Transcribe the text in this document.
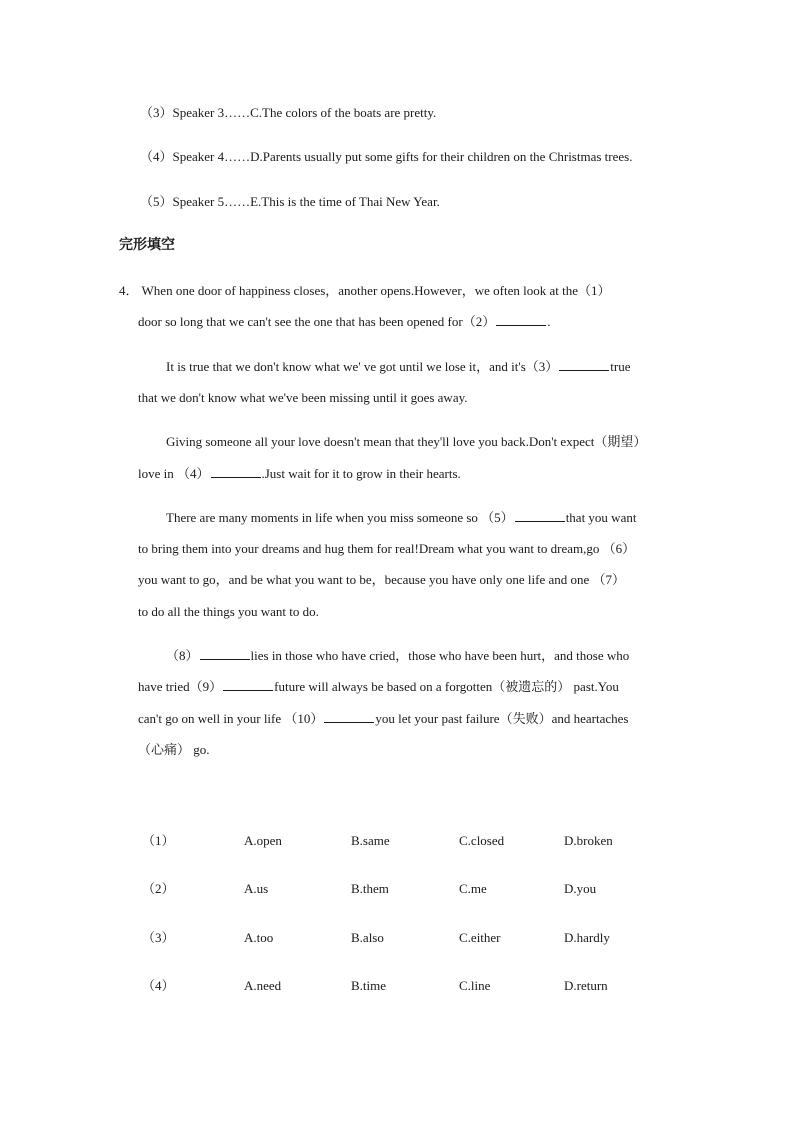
（3）Speaker 3……C.The colors of the boats are pretty.
（4）Speaker 4……D.Parents usually put some gifts for their children on the Christmas trees.
（5）Speaker 5……E.This is the time of Thai New Year.
完形填空
4． When one door of happiness closes，another opens.However，we often look at the（1）
door so long that we can't see the one that has been opened for（2）	.
It is true that we don't know what we' ve got until we lose it，and it's（3）	true
that we don't know what we've been missing until it goes away.
Giving someone all your love doesn't mean that they'll love you back.Don't expect（期望）
love in （4）	.Just wait for it to grow in their hearts.
There are many moments in life when you miss someone so （5）	that you want
to bring them into your dreams and hug them for real!Dream what you want to dream,go （6）
you want to go，and be what you want to be，because you have only one life and one （7）
to do all the things you want to do.
（8）	lies in those who have cried，those who have been hurt，and those who
have tried（9）	future will always be based on a forgotten（被遗忘的） past.You
can't go on well in your life （10）	you let your past failure（失败）and heartaches
（心痛） go.
（1）	A.open	B.same	C.closed	D.broken
（2）	A.us	B.them	C.me	D.you
（3）	A.too	B.also	C.either	D.hardly
（4）	A.need	B.time	C.line	D.return
